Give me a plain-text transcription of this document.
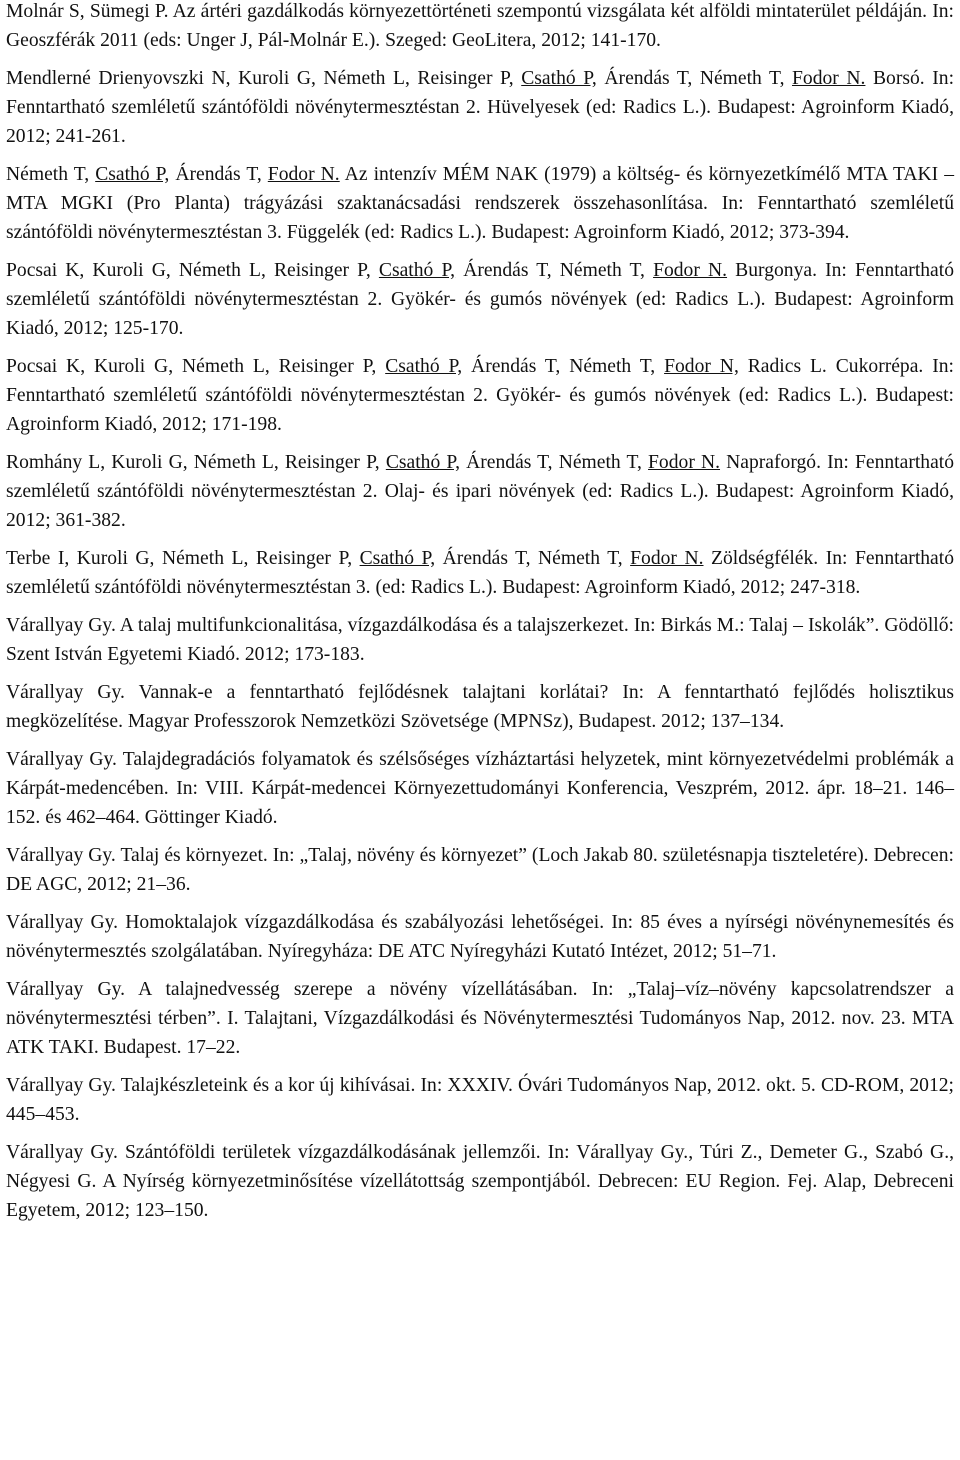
Molnár S, Sümegi P. Az ártéri gazdálkodás környezettörténeti szempontú vizsgálata két alföldi mintaterület példáján. In: Geoszférák 2011 (eds: Unger J, Pál-Molnár E.). Szeged: GeoLitera, 2012; 141-170.

Mendlerné Drienyovszki N, Kuroli G, Németh L, Reisinger P, Csathó P, Árendás T, Németh T, Fodor N. Borsó. In: Fenntartható szemléletű szántóföldi növénytermesztéstan 2. Hüvelyesek (ed: Radics L.). Budapest: Agroinform Kiadó, 2012; 241-261.

Németh T, Csathó P, Árendás T, Fodor N. Az intenzív MÉM NAK (1979) a költség- és környezetkímélő MTA TAKI – MTA MGKI (Pro Planta) trágyázási szaktanácsadási rendszerek összehasonlítása. In: Fenntartható szemléletű szántóföldi növénytermesztéstan 3. Függelék (ed: Radics L.). Budapest: Agroinform Kiadó, 2012; 373-394.

Pocsai K, Kuroli G, Németh L, Reisinger P, Csathó P, Árendás T, Németh T, Fodor N. Burgonya. In: Fenntartható szemléletű szántóföldi növénytermesztéstan 2. Gyökér- és gumós növények (ed: Radics L.). Budapest: Agroinform Kiadó, 2012; 125-170.

Pocsai K, Kuroli G, Németh L, Reisinger P, Csathó P, Árendás T, Németh T, Fodor N, Radics L. Cukorrépa. In: Fenntartható szemléletű szántóföldi növénytermesztéstan 2. Gyökér- és gumós növények (ed: Radics L.). Budapest: Agroinform Kiadó, 2012; 171-198.

Romhány L, Kuroli G, Németh L, Reisinger P, Csathó P, Árendás T, Németh T, Fodor N. Napraforgó. In: Fenntartható szemléletű szántóföldi növénytermesztéstan 2. Olaj- és ipari növények (ed: Radics L.). Budapest: Agroinform Kiadó, 2012; 361-382.

Terbe I, Kuroli G, Németh L, Reisinger P, Csathó P, Árendás T, Németh T, Fodor N. Zöldségfélék. In: Fenntartható szemléletű szántóföldi növénytermesztéstan 3. (ed: Radics L.). Budapest: Agroinform Kiadó, 2012; 247-318.

Várallyay Gy. A talaj multifunkcionalitása, vízgazdálkodása és a talajszerkezet. In: Birkás M.: Talaj – Iskolák”. Gödöllő: Szent István Egyetemi Kiadó. 2012; 173-183.

Várallyay Gy. Vannak-e a fenntartható fejlődésnek talajtani korlátai? In: A fenntartható fejlődés holisztikus megközelítése. Magyar Professzorok Nemzetközi Szövetsége (MPNSz), Budapest. 2012; 137–134.

Várallyay Gy. Talajdegradációs folyamatok és szélsőséges vízháztartási helyzetek, mint környezetvédelmi problémák a Kárpát-medencében. In: VIII. Kárpát-medencei Környezettudományi Konferencia, Veszprém, 2012. ápr. 18–21. 146–152. és 462–464. Göttinger Kiadó.

Várallyay Gy. Talaj és környezet. In: „Talaj, növény és környezet” (Loch Jakab 80. születésnapja tiszteletére). Debrecen: DE AGC, 2012; 21–36.

Várallyay Gy. Homoktalajok vízgazdálkodása és szabályozási lehetőségei. In: 85 éves a nyírségi növénynemesítés és növénytermesztés szolgálatában. Nyíregyháza: DE ATC Nyíregyházi Kutató Intézet, 2012; 51–71.

Várallyay Gy. A talajnedvesség szerepe a növény vízellátásában. In: „Talaj–víz–növény kapcsolatrendszer a növénytermesztési térben”. I. Talajtani, Vízgazdálkodási és Növénytermesztési Tudományos Nap, 2012. nov. 23. MTA ATK TAKI. Budapest. 17–22.

Várallyay Gy. Talajkészleteink és a kor új kihívásai. In: XXXIV. Óvári Tudományos Nap, 2012. okt. 5. CD-ROM, 2012; 445–453.

Várallyay Gy. Szántóföldi területek vízgazdálkodásának jellemzői. In: Várallyay Gy., Túri Z., Demeter G., Szabó G., Négyesi G. A Nyírség környezetminősítése vízellátottság szempontjából. Debrecen: EU Region. Fej. Alap, Debreceni Egyetem, 2012; 123–150.
